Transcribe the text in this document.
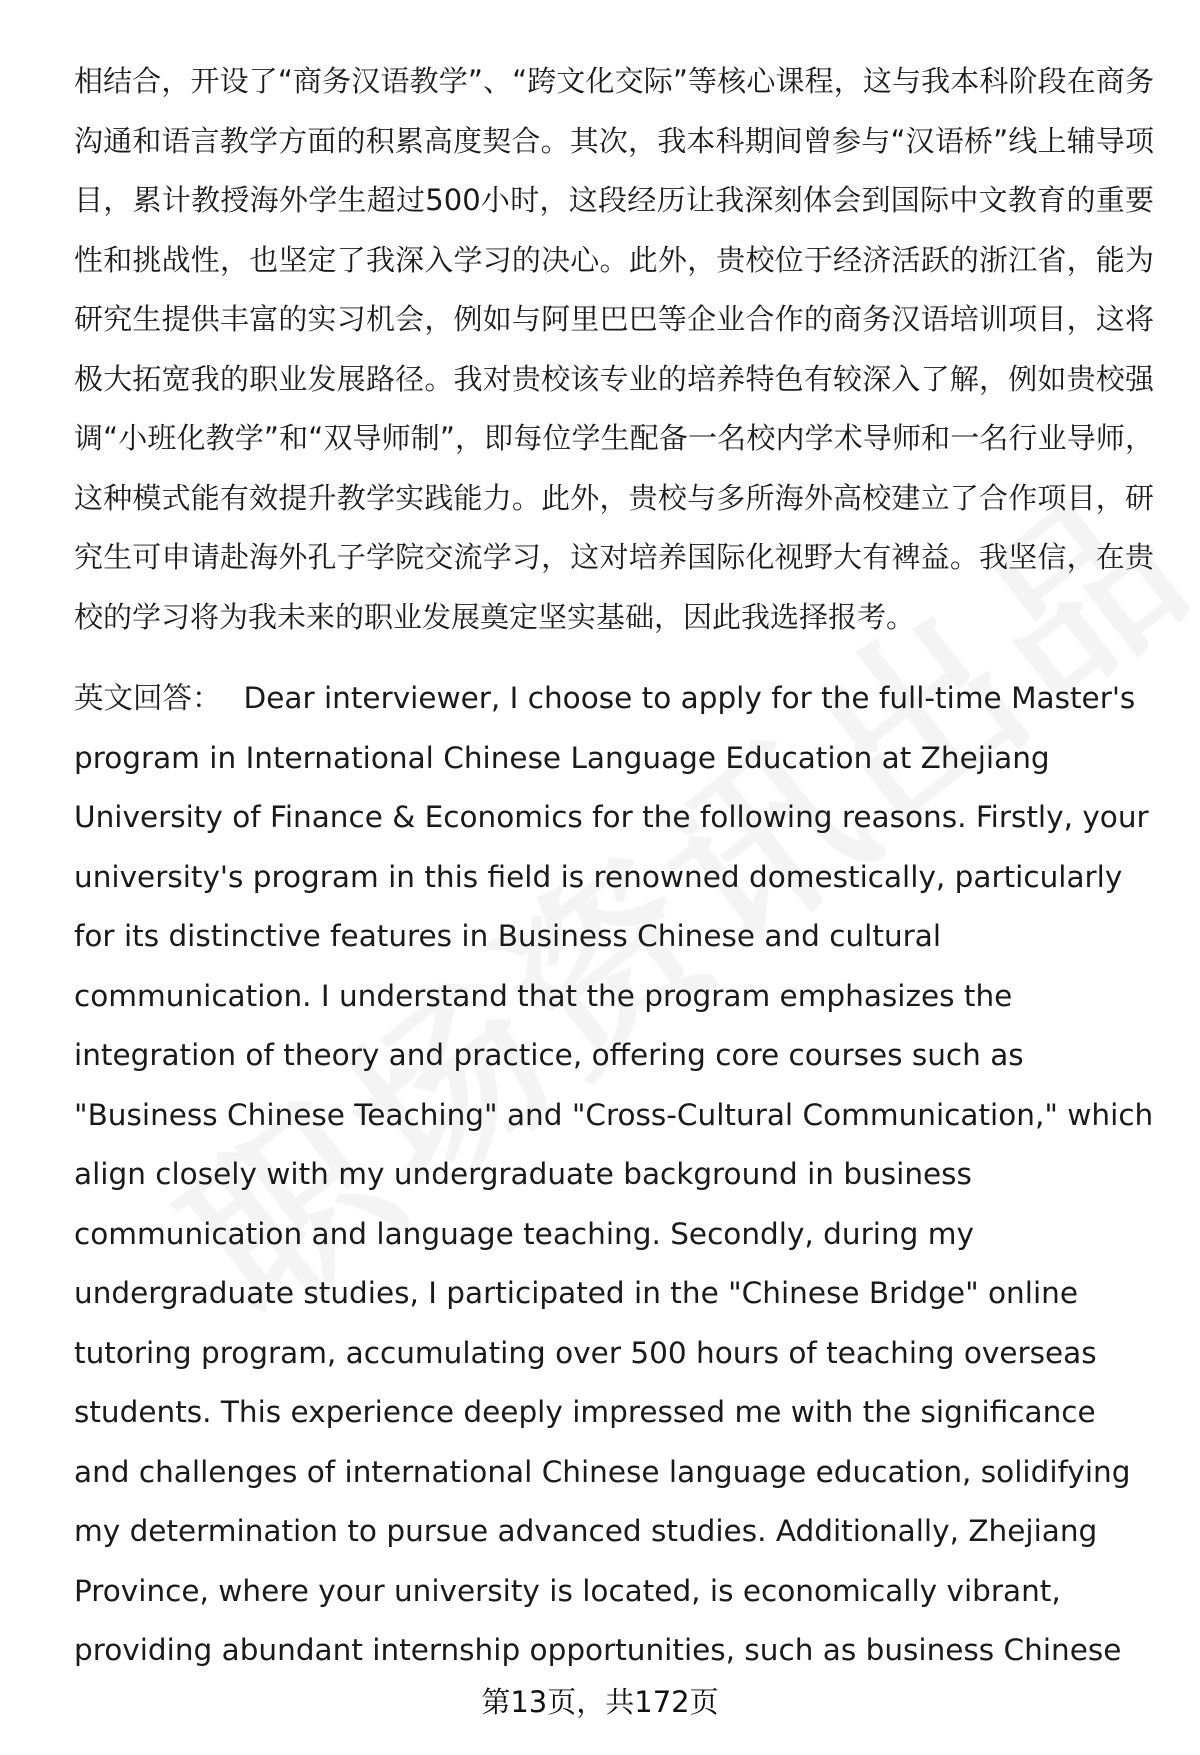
相结合，开设了“商务汉语教学”、“跨文化交际”等核心课程，这与我本科阶段在商务沟通和语言教学方面的积累高度契合。其次，我本科期间曾参与“汉语桥”线上辅导项目，累计教授海外学生超过500小时，这段经历让我深刻体会到国际中文教育的重要性和挑战性，也坚定了我深入学习的决心。此外，贵校位于经济活跃的浙江省，能为研究生提供丰富的实习机会，例如与阿里巴巴等企业合作的商务汉语培训项目，这将极大拓宽我的职业发展路径。我对贵校该专业的培养特色有较深入了解，例如贵校强调“小班化教学”和“双导师制”，即每位学生配备一名校内学术导师和一名行业导师，这种模式能有效提升教学实践能力。此外，贵校与多所海外高校建立了合作项目，研究生可申请赴海外孔子学院交流学习，这对培养国际化视野大有裨益。我坚信，在贵校的学习将为我未来的职业发展奠定坚实基础，因此我选择报考。

英文回答： Dear interviewer, I choose to apply for the full-time Master's program in International Chinese Language Education at Zhejiang University of Finance & Economics for the following reasons. Firstly, your university's program in this field is renowned domestically, particularly for its distinctive features in Business Chinese and cultural communication. I understand that the program emphasizes the integration of theory and practice, offering core courses such as "Business Chinese Teaching" and "Cross-Cultural Communication," which align closely with my undergraduate background in business communication and language teaching. Secondly, during my undergraduate studies, I participated in the "Chinese Bridge" online tutoring program, accumulating over 500 hours of teaching overseas students. This experience deeply impressed me with the significance and challenges of international Chinese language education, solidifying my determination to pursue advanced studies. Additionally, Zhejiang Province, where your university is located, is economically vibrant, providing abundant internship opportunities, such as business Chinese

第13页，共172页
